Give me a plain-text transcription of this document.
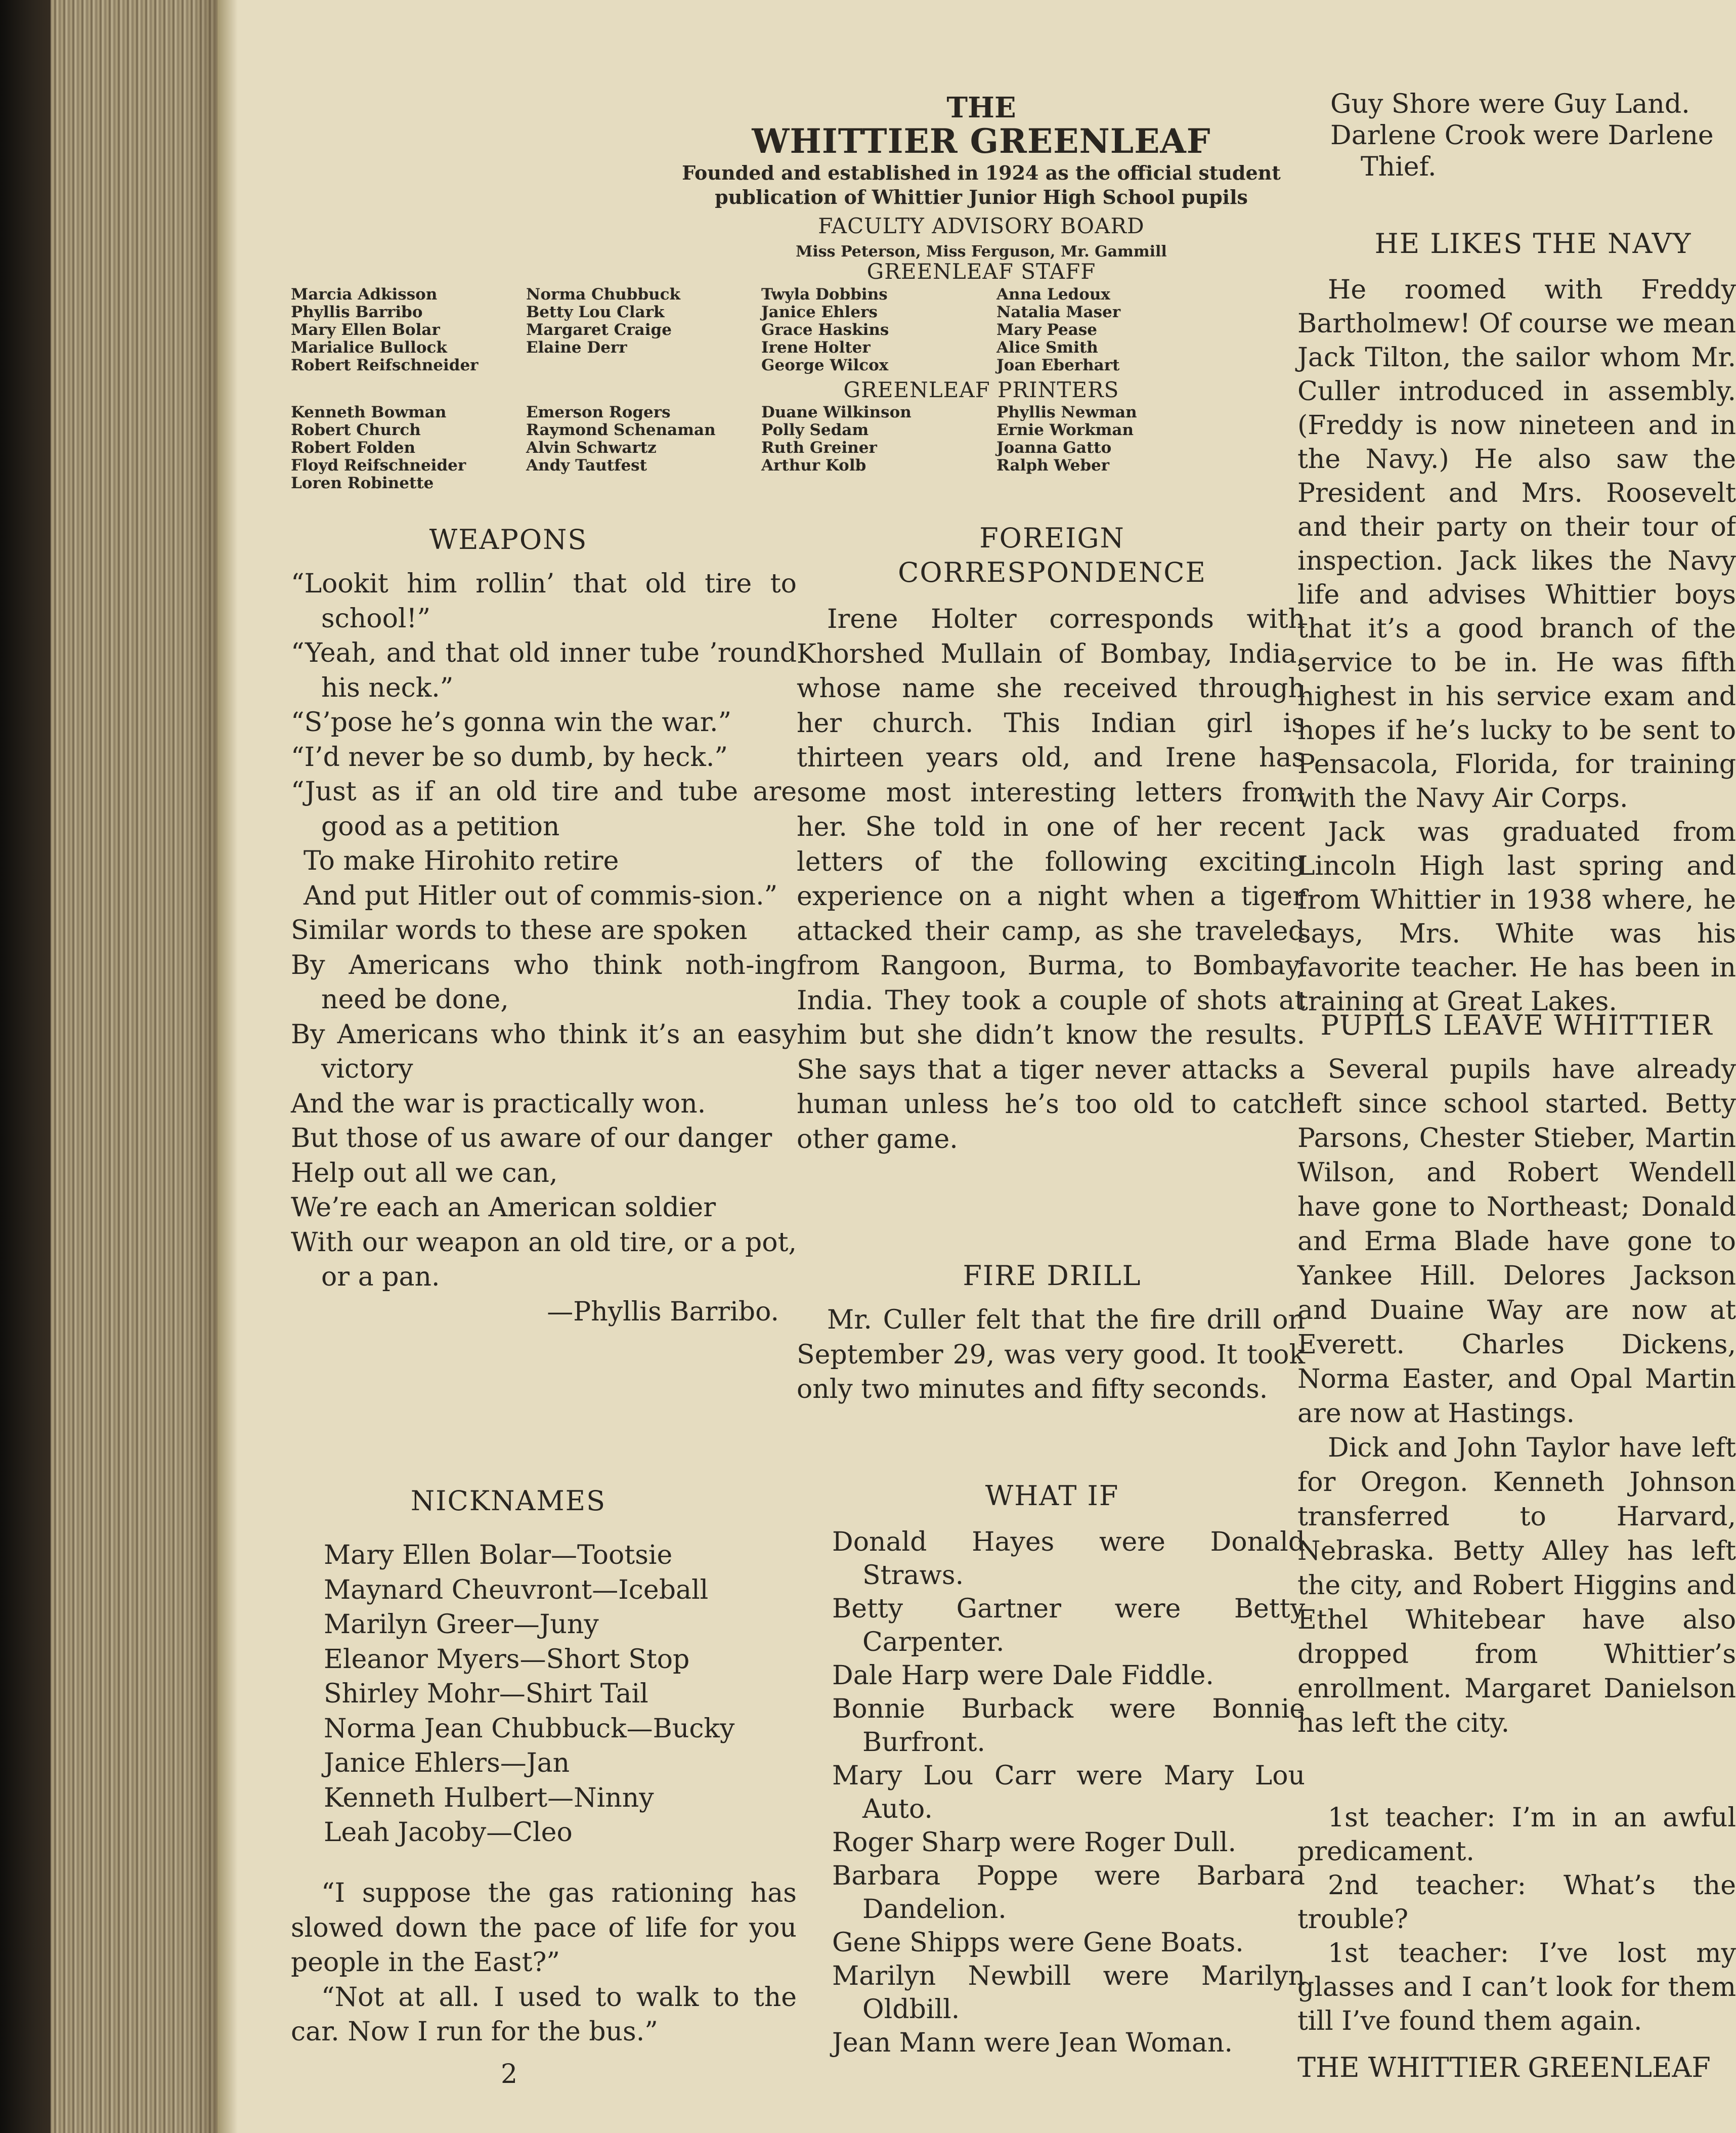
THE
WHITTIER GREENLEAF
Founded and established in 1924 as the official student
publication of Whittier Junior High School pupils
FACULTY ADVISORY BOARD
Miss Peterson, Miss Ferguson, Mr. Gammill
GREENLEAF STAFF
Marcia Adkisson
Phyllis Barribo
Mary Ellen Bolar
Marialice Bullock
Robert Reifschneider
Norma Chubbuck
Betty Lou Clark
Margaret Craige
Elaine Derr
Twyla Dobbins
Janice Ehlers
Grace Haskins
Irene Holter
George Wilcox
Anna Ledoux
Natalia Maser
Mary Pease
Alice Smith
Joan Eberhart
GREENLEAF PRINTERS
Kenneth Bowman
Robert Church
Robert Folden
Floyd Reifschneider
Loren Robinette
Emerson Rogers
Raymond Schenaman
Alvin Schwartz
Andy Tautfest
Duane Wilkinson
Polly Sedam
Ruth Greiner
Arthur Kolb
Phyllis Newman
Ernie Workman
Joanna Gatto
Ralph Weber
WEAPONS

“Lookit him rollin’ that old tire to school!”

“Yeah, and that old inner tube ’round his neck.”

“S’pose he’s gonna win the war.”

“I’d never be so dumb, by heck.”

“Just as if an old tire and tube are good as a petition

To make Hirohito retire

And put Hitler out of commis-sion.”

Similar words to these are spoken

By Americans who think noth-ing need be done,

By Americans who think it’s an easy victory

And the war is practically won.

But those of us aware of our danger

Help out all we can,

We’re each an American soldier

With our weapon an old tire, or a pot, or a pan.

—Phyllis Barribo.

NICKNAMES

Mary Ellen Bolar—Tootsie

Maynard Cheuvront—Iceball

Marilyn Greer—Juny

Eleanor Myers—Short Stop

Shirley Mohr—Shirt Tail

Norma Jean Chubbuck—Bucky

Janice Ehlers—Jan

Kenneth Hulbert—Ninny

Leah Jacoby—Cleo

“I suppose the gas rationing has slowed down the pace of life for you people in the East?”

“Not at all. I used to walk to the car. Now I run for the bus.”

2
FOREIGN
CORRESPONDENCE

Irene Holter corresponds with Khorshed Mullain of Bombay, India, whose name she received through her church. This Indian girl is thirteen years old, and Irene has some most interesting letters from her. She told in one of her recent letters of the following exciting experience on a night when a tiger attacked their camp, as she traveled from Rangoon, Burma, to Bombay, India. They took a couple of shots at him but she didn’t know the results. She says that a tiger never attacks a human unless he’s too old to catch other game.

FIRE DRILL

Mr. Culler felt that the fire drill on September 29, was very good. It took only two minutes and fifty seconds.

WHAT IF

Donald Hayes were Donald Straws.

Betty Gartner were Betty Carpenter.

Dale Harp were Dale Fiddle.

Bonnie Burback were Bonnie Burfront.

Mary Lou Carr were Mary Lou Auto.

Roger Sharp were Roger Dull.

Barbara Poppe were Barbara Dandelion.

Gene Shipps were Gene Boats.

Marilyn Newbill were Marilyn Oldbill.

Jean Mann were Jean Woman.

Guy Shore were Guy Land.

Darlene Crook were Darlene Thief.

HE LIKES THE NAVY

He roomed with Freddy Bartholmew! Of course we mean Jack Tilton, the sailor whom Mr. Culler introduced in assembly. (Freddy is now nineteen and in the Navy.) He also saw the President and Mrs. Roosevelt and their party on their tour of inspection. Jack likes the Navy life and advises Whittier boys that it’s a good branch of the service to be in. He was fifth highest in his service exam and hopes if he’s lucky to be sent to Pensacola, Florida, for training with the Navy Air Corps.

Jack was graduated from Lincoln High last spring and from Whittier in 1938 where, he says, Mrs. White was his favorite teacher. He has been in training at Great Lakes.

PUPILS LEAVE WHITTIER

Several pupils have already left since school started. Betty Parsons, Chester Stieber, Martin Wilson, and Robert Wendell have gone to Northeast; Donald and Erma Blade have gone to Yankee Hill. Delores Jackson and Duaine Way are now at Everett. Charles Dickens, Norma Easter, and Opal Martin are now at Hastings.

Dick and John Taylor have left for Oregon. Kenneth Johnson transferred to Harvard, Nebraska. Betty Alley has left the city, and Robert Higgins and Ethel Whitebear have also dropped from Whittier’s enrollment. Margaret Danielson has left the city.

1st teacher: I’m in an awful predicament.

2nd teacher: What’s the trouble?

1st teacher: I’ve lost my glasses and I can’t look for them till I’ve found them again.

THE WHITTIER GREENLEAF
